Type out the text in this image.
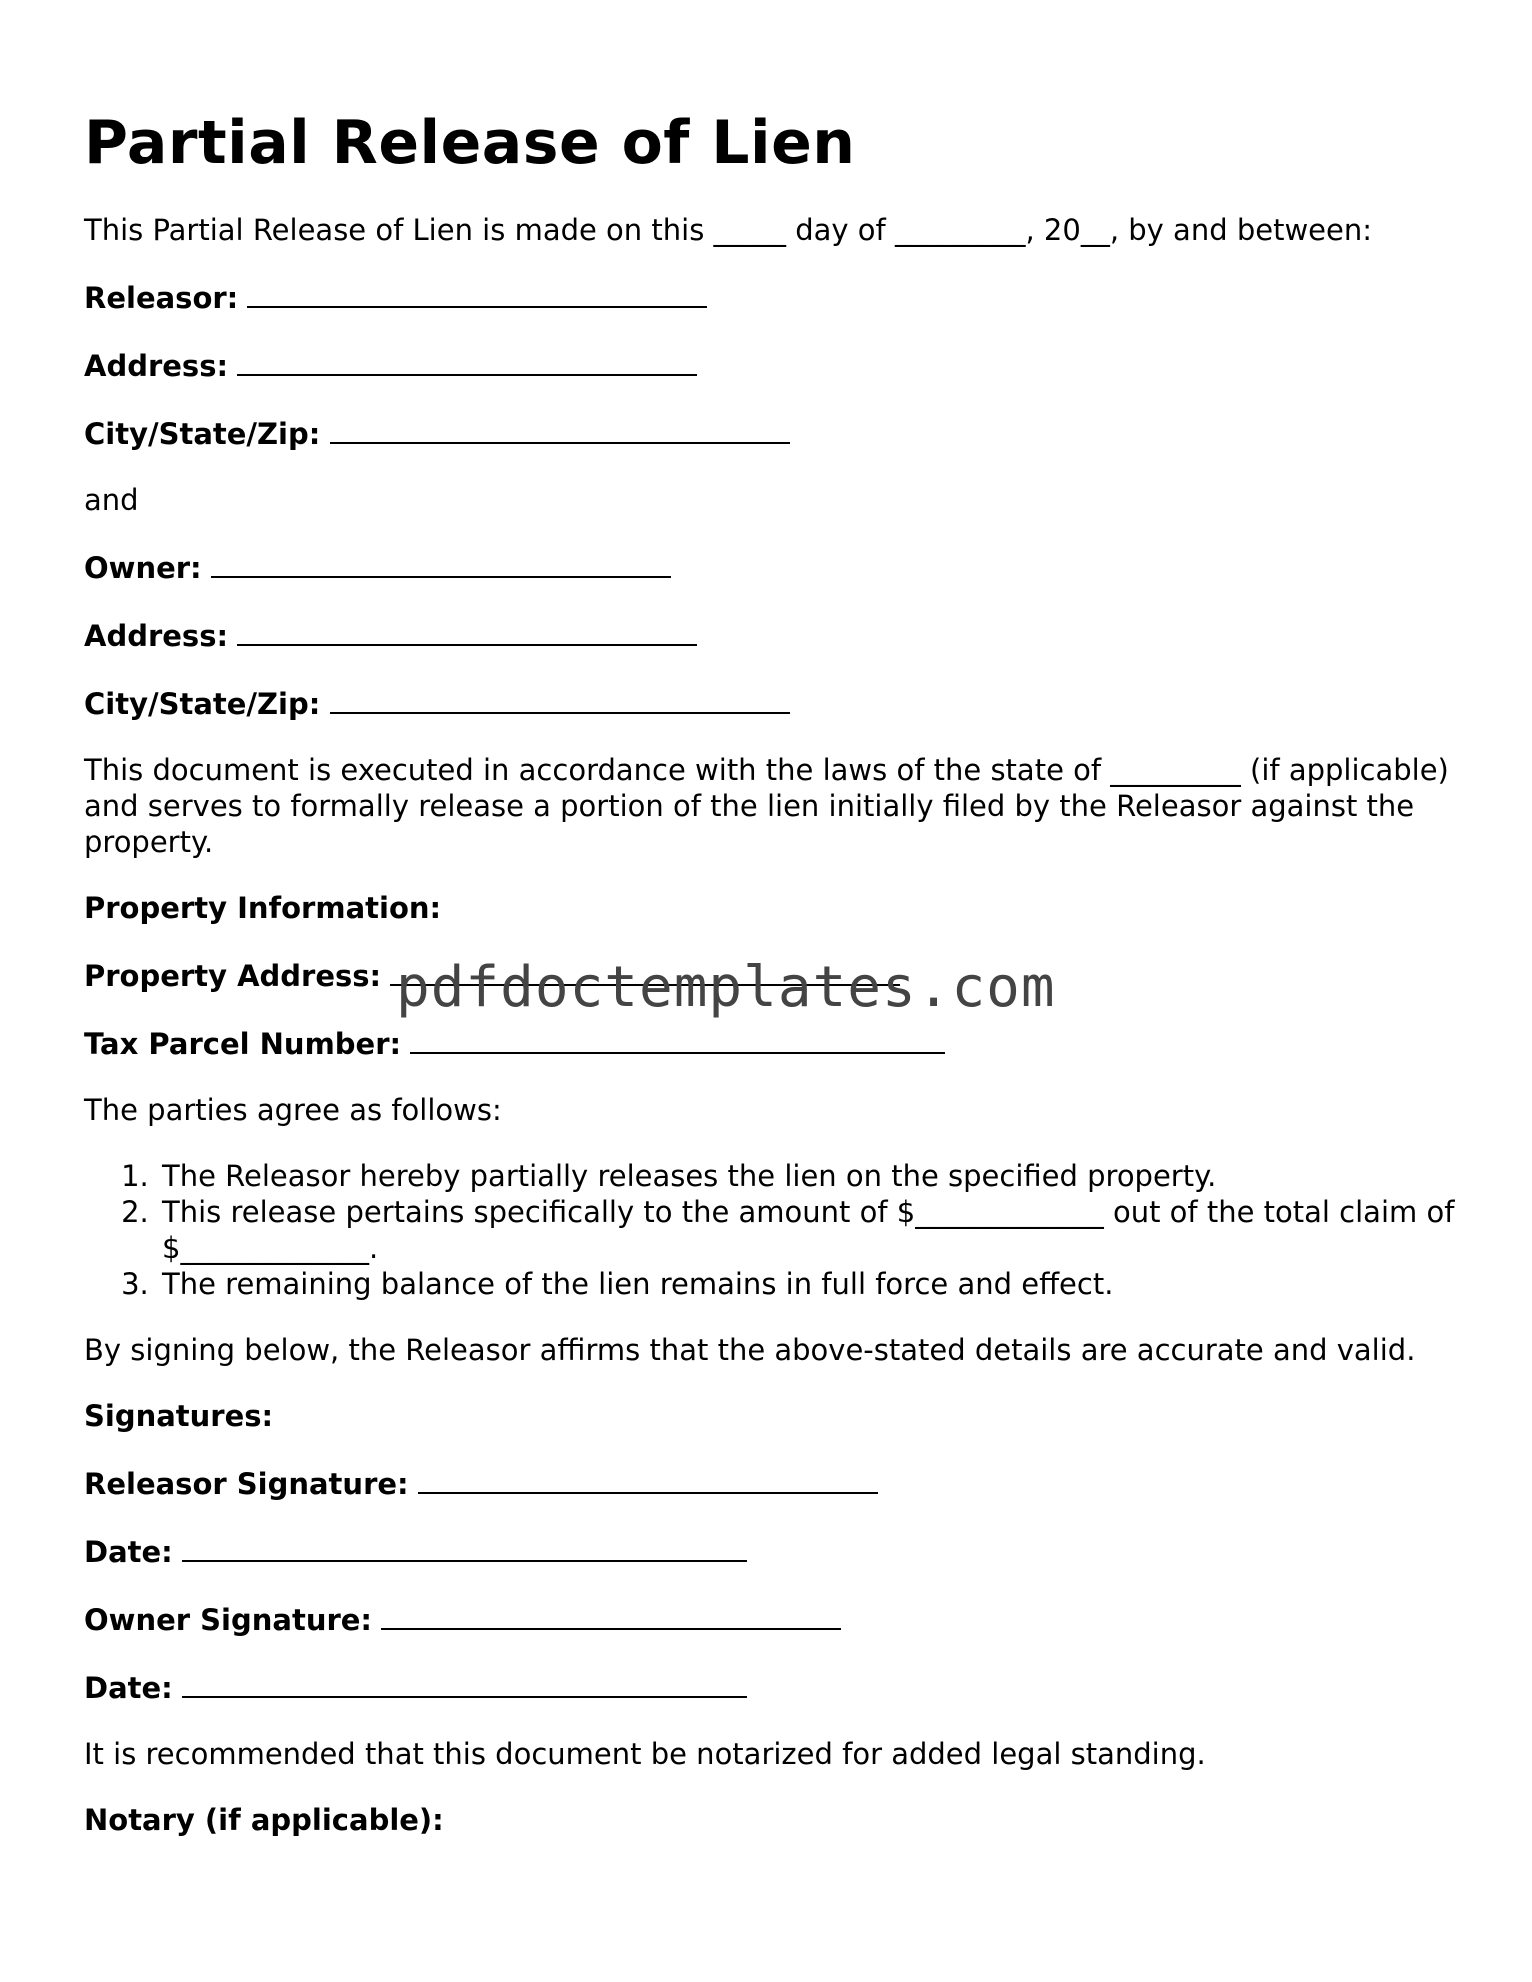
Partial Release of Lien

This Partial Release of Lien is made on this _____ day of _________, 20__, by and between:

Releasor:

Address:

City/State/Zip:

and

Owner:

Address:

City/State/Zip:

This document is executed in accordance with the laws of the state of _________ (if applicable) and serves to formally release a portion of the lien initially filed by the Releasor against the property.

Property Information:

Property Address:

Tax Parcel Number:

The parties agree as follows:

1. The Releasor hereby partially releases the lien on the specified property.
2. This release pertains specifically to the amount of $_____________ out of the total claim of $_____________.
3. The remaining balance of the lien remains in full force and effect.

By signing below, the Releasor affirms that the above-stated details are accurate and valid.

Signatures:

Releasor Signature:

Date:

Owner Signature:

Date:

It is recommended that this document be notarized for added legal standing.

Notary (if applicable):

pdfdoctemplates.com
